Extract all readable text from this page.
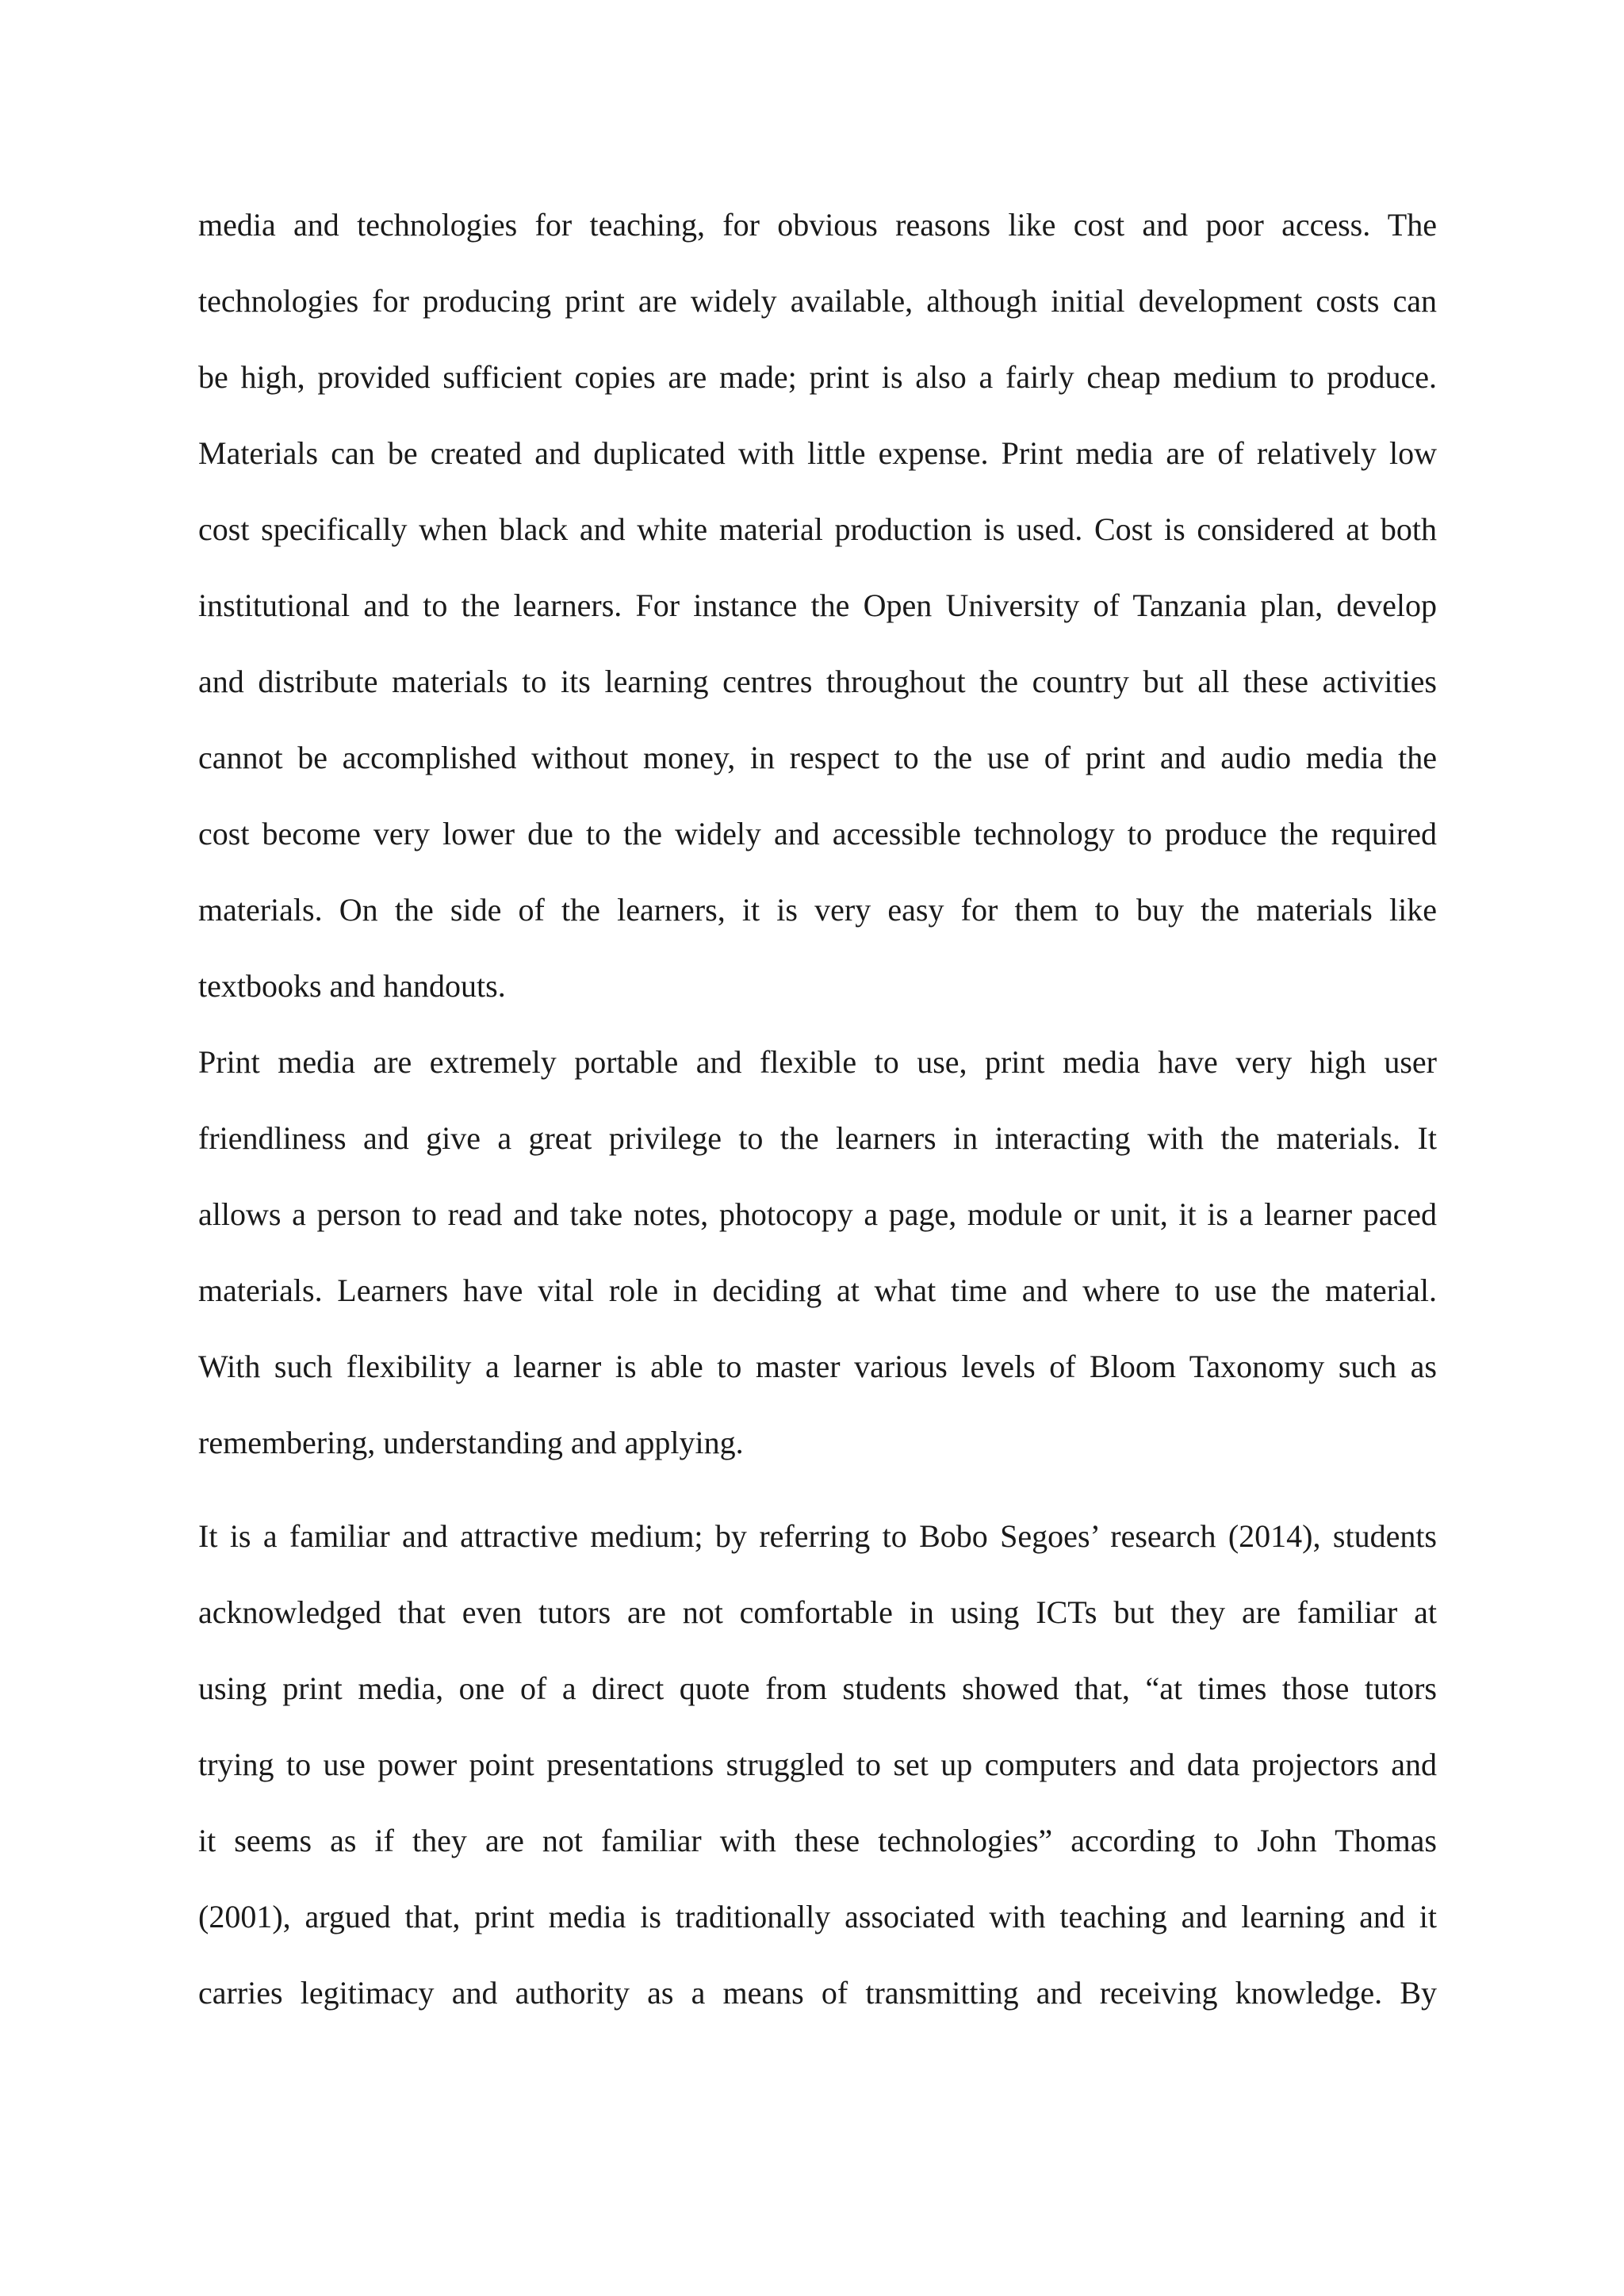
media and technologies for teaching, for obvious reasons like cost and poor access. The
technologies for producing print are widely available, although initial development costs can
be high, provided sufficient copies are made; print is also a fairly cheap medium to produce.
Materials can be created and duplicated with little expense. Print media are of relatively low
cost specifically when black and white material production is used. Cost is considered at both
institutional and to the learners. For instance the Open University of Tanzania plan, develop
and distribute materials to its learning centres throughout the country but all these activities
cannot be accomplished without money, in respect to the use of print and audio media the
cost become very lower due to the widely and accessible technology to produce the required
materials. On the side of the learners, it is very easy for them to buy the materials like
textbooks and handouts.
Print media are extremely portable and flexible to use, print media have very high user
friendliness and give a great privilege to the learners in interacting with the materials. It
allows a person to read and take notes, photocopy a page, module or unit, it is a learner paced
materials. Learners have vital role in deciding at what time and where to use the material.
With such flexibility a learner is able to master various levels of Bloom Taxonomy such as
remembering, understanding and applying.
It is a familiar and attractive medium; by referring to Bobo Segoes’ research (2014), students
acknowledged that even tutors are not comfortable in using ICTs but they are familiar at
using print media, one of a direct quote from students showed that, “at times those tutors
trying to use power point presentations struggled to set up computers and data projectors and
it seems as if they are not familiar with these technologies” according to John Thomas
(2001), argued that, print media is traditionally associated with teaching and learning and it
carries legitimacy and authority as a means of transmitting and receiving knowledge. By
